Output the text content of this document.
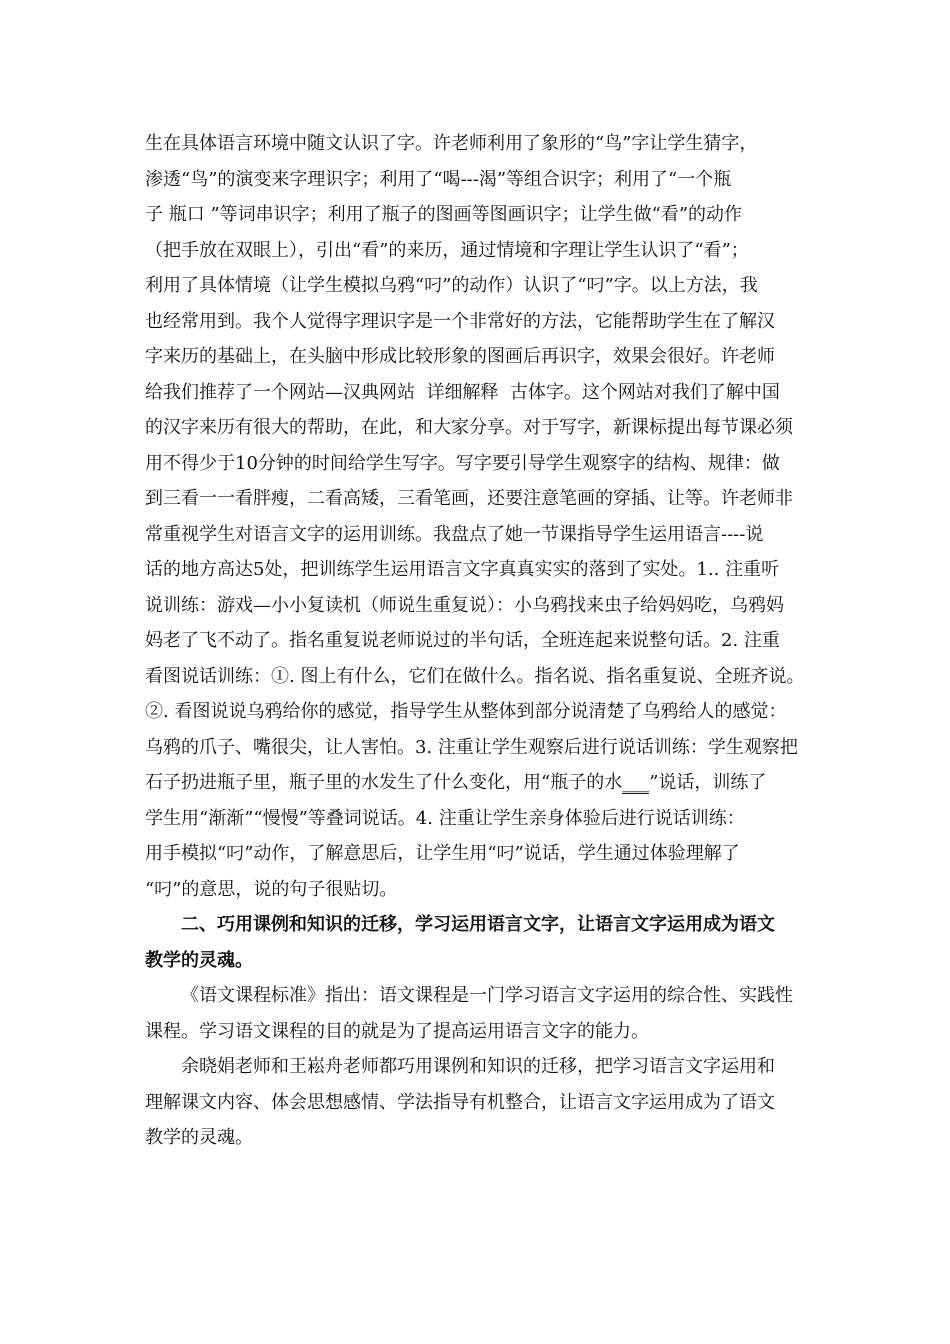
生在具体语言环境中随文认识了字。许老师利用了象形的“鸟”字让学生猜字，
渗透“鸟”的演变来字理识字；利用了“喝---渴”等组合识字；利用了“一个瓶
子 瓶口 ”等词串识字；利用了瓶子的图画等图画识字；让学生做“看”的动作
（把手放在双眼上），引出“看”的来历，通过情境和字理让学生认识了“看”；
利用了具体情境（让学生模拟乌鸦“叼”的动作）认识了“叼”字。以上方法，我
也经常用到。我个人觉得字理识字是一个非常好的方法，它能帮助学生在了解汉
字来历的基础上，在头脑中形成比较形象的图画后再识字，效果会很好。许老师
给我们推荐了一个网站—汉典网站  详细解释  古体字。这个网站对我们了解中国
的汉字来历有很大的帮助，在此，和大家分享。对于写字，新课标提出每节课必须
用不得少于10分钟的时间给学生写字。写字要引导学生观察字的结构、规律：做
到三看一一看胖瘦，二看高矮，三看笔画，还要注意笔画的穿插、让等。许老师非
常重视学生对语言文字的运用训练。我盘点了她一节课指导学生运用语言----说
话的地方高达5处，把训练学生运用语言文字真真实实的落到了实处。1.. 注重听
说训练：游戏—小小复读机（师说生重复说）：小乌鸦找来虫子给妈妈吃，乌鸦妈
妈老了飞不动了。指名重复说老师说过的半句话，全班连起来说整句话。2. 注重
看图说话训练：①. 图上有什么，它们在做什么。指名说、指名重复说、全班齐说。
②. 看图说说乌鸦给你的感觉，指导学生从整体到部分说清楚了乌鸦给人的感觉：
乌鸦的爪子、嘴很尖，让人害怕。3. 注重让学生观察后进行说话训练：学生观察把
石子扔进瓶子里，瓶子里的水发生了什么变化，用“瓶子的水___”说话，训练了
学生用“渐渐”“慢慢”等叠词说话。4. 注重让学生亲身体验后进行说话训练：
用手模拟“叼”动作，了解意思后，让学生用“叼”说话，学生通过体验理解了
“叼”的意思，说的句子很贴切。
二、巧用课例和知识的迁移，学习运用语言文字，让语言文字运用成为语文
教学的灵魂。
《语文课程标准》指出：语文课程是一门学习语言文字运用的综合性、实践性
课程。学习语文课程的目的就是为了提高运用语言文字的能力。
余晓娟老师和王崧舟老师都巧用课例和知识的迁移，把学习语言文字运用和
理解课文内容、体会思想感情、学法指导有机整合，让语言文字运用成为了语文
教学的灵魂。
